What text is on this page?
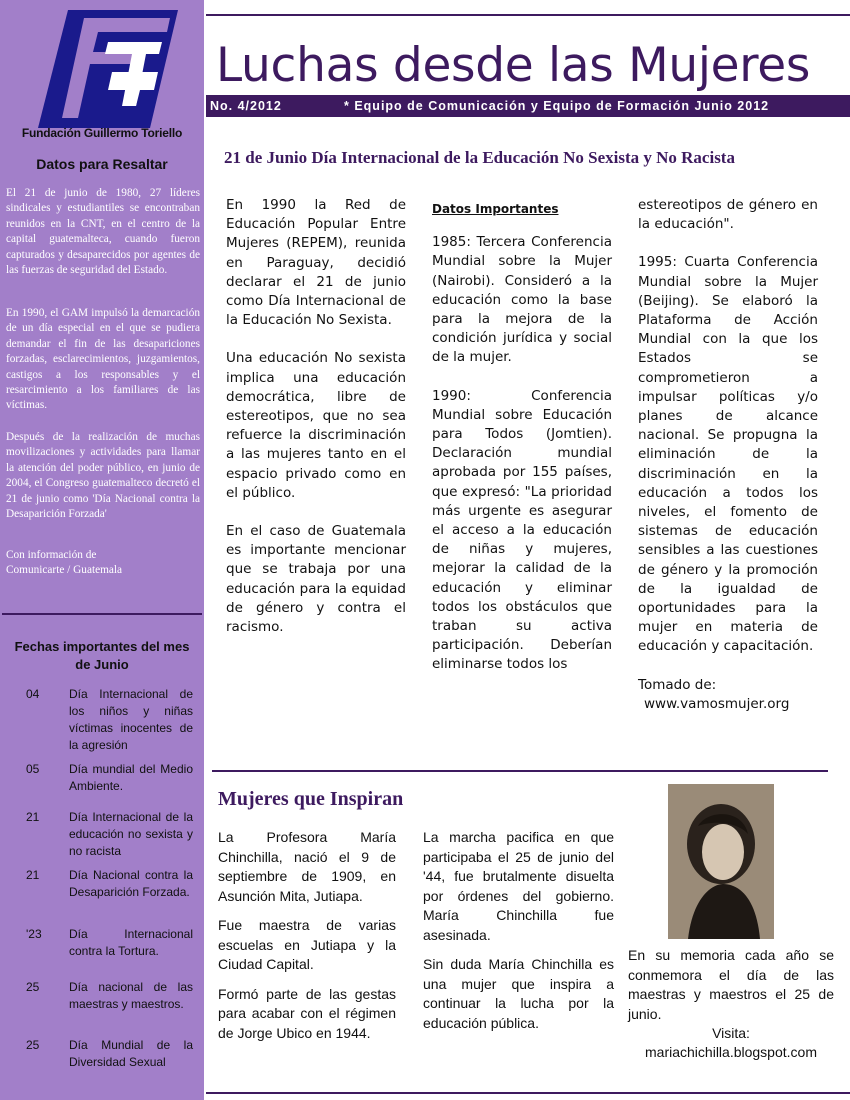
Fundación Guillermo Toriello
Datos para Resaltar

El 21 de junio de 1980, 27 líderes sindicales y estudiantiles se encontraban reunidos en la CNT, en el centro de la capital guatemalteca, cuando fueron capturados y desaparecidos por agentes de las fuerzas de seguridad del Estado.

En 1990, el GAM impulsó la demarcación de un día especial en el que se pudiera demandar el fin de las desapariciones forzadas, esclarecimientos, juzgamientos, castigos a los responsables y el resarcimiento a los familiares de las víctimas.

Después de la realización de muchas movilizaciones y actividades para llamar la atención del poder público, en junio de 2004, el Congreso guatemalteco decretó el 21 de junio como 'Día Nacional contra la Desaparición Forzada'

Con información de Comunicarte / Guatemala

Fechas importantes del mes de Junio
04 Día Internacional de los niños y niñas víctimas inocentes de la agresión
05 Día mundial del Medio Ambiente.
21 Día Internacional de la educación no sexista y no racista
21 Día Nacional contra la Desaparición Forzada.
'23 Día Internacional contra la Tortura.
25 Día nacional de las maestras y maestros.
25 Día Mundial de la Diversidad Sexual
Luchas desde las Mujeres
No. 4/2012	* Equipo de Comunicación y Equipo de Formación Junio 2012
21 de Junio Día Internacional de la Educación No Sexista y No Racista

En 1990 la Red de Educación Popular Entre Mujeres (REPEM), reunida en Paraguay, decidió declarar el 21 de junio como Día Internacional de la Educación No Sexista.

Una educación No sexista implica una educación democrática, libre de estereotipos, que no sea refuerce la discriminación a las mujeres tanto en el espacio privado como en el público.

En el caso de Guatemala es importante mencionar que se trabaja por una educación para la equidad de género y contra el racismo.

Datos Importantes

1985: Tercera Conferencia Mundial sobre la Mujer (Nairobi). Consideró a la educación como la base para la mejora de la condición jurídica y social de la mujer.

1990: Conferencia Mundial sobre Educación para Todos (Jomtien). Declaración mundial aprobada por 155 países, que expresó: "La prioridad más urgente es asegurar el acceso a la educación de niñas y mujeres, mejorar la calidad de la educación y eliminar todos los obstáculos que traban su activa participación. Deberían eliminarse todos los

estereotipos de género en la educación".

1995: Cuarta Conferencia Mundial sobre la Mujer (Beijing). Se elaboró la Plataforma de Acción Mundial con la que los Estados se comprometieron a impulsar políticas y/o planes de alcance nacional. Se propugna la eliminación de la discriminación en la educación a todos los niveles, el fomento de sistemas de educación sensibles a las cuestiones de género y la promoción de la igualdad de oportunidades para la mujer en materia de educación y capacitación.

Tomado de:

www.vamosmujer.org

Mujeres que Inspiran

La Profesora María Chinchilla, nació el 9 de septiembre de 1909, en Asunción Mita, Jutiapa.

Fue maestra de varias escuelas en Jutiapa y la Ciudad Capital.

Formó parte de las gestas para acabar con el régimen de Jorge Ubico en 1944.

La marcha pacifica en que participaba el 25 de junio del '44, fue brutalmente disuelta por órdenes del gobierno. María Chinchilla fue asesinada.

Sin duda María Chinchilla es una mujer que inspira a continuar la lucha por la educación pública.

En su memoria cada año se conmemora el día de las maestras y maestros el 25 de junio.
Visita:
mariachichilla.blogspot.com
